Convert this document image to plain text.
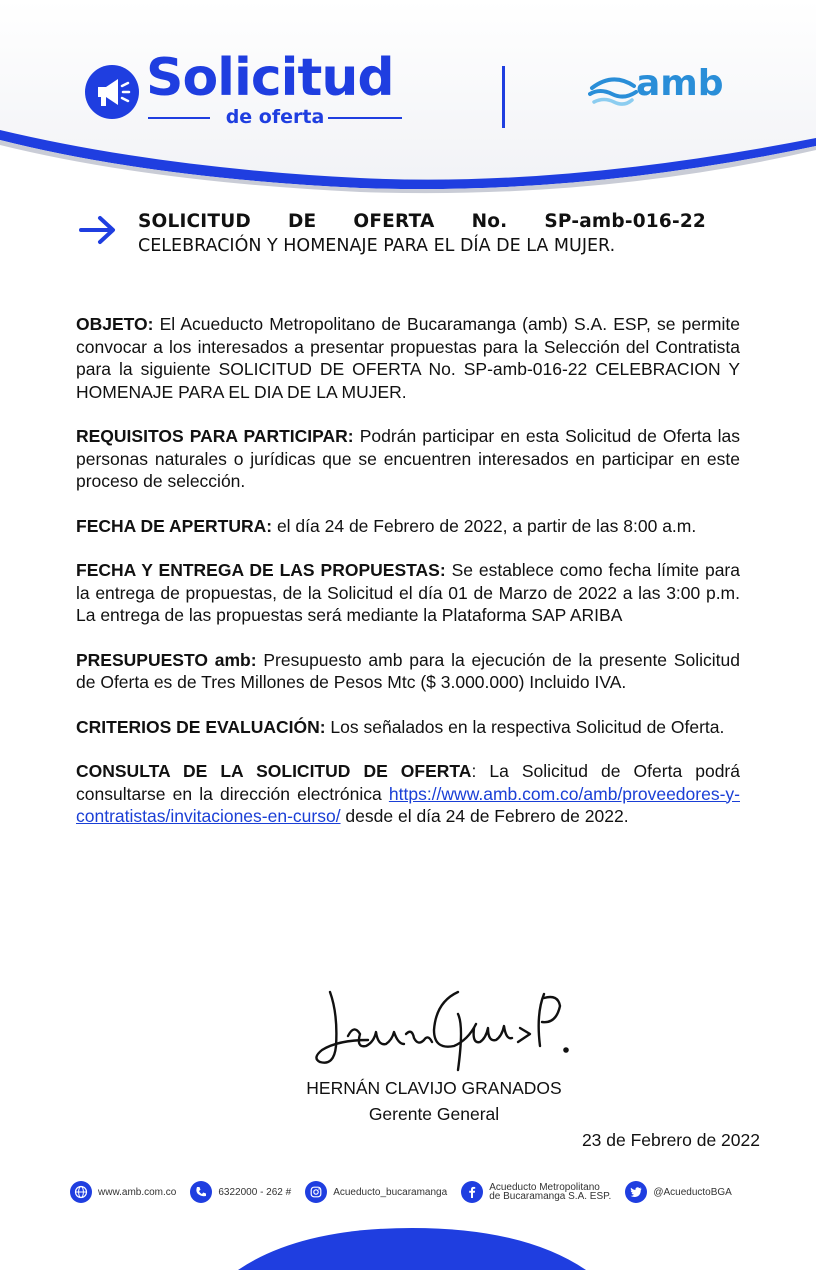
Solicitud
de oferta
amb
SOLICITUD DE OFERTA No. SP-amb-016-22
CELEBRACIÓN Y HOMENAJE PARA EL DÍA DE LA MUJER.

OBJETO: El Acueducto Metropolitano de Bucaramanga (amb) S.A. ESP, se permite convocar a los interesados a presentar propuestas para la Selección del Contratista para la siguiente SOLICITUD DE OFERTA No. SP-amb-016-22 CELEBRACION Y HOMENAJE PARA EL DIA DE LA MUJER.

REQUISITOS PARA PARTICIPAR: Podrán participar en esta Solicitud de Oferta las personas naturales o jurídicas que se encuentren interesados en participar en este proceso de selección.

FECHA DE APERTURA: el día 24 de Febrero de 2022, a partir de las 8:00 a.m.

FECHA Y ENTREGA DE LAS PROPUESTAS: Se establece como fecha límite para la entrega de propuestas, de la Solicitud el día 01 de Marzo de 2022 a las 3:00 p.m. La entrega de las propuestas será mediante la Plataforma SAP ARIBA

PRESUPUESTO amb: Presupuesto amb para la ejecución de la presente Solicitud de Oferta es de Tres Millones de Pesos Mtc ($ 3.000.000) Incluido IVA.

CRITERIOS DE EVALUACIÓN: Los señalados en la respectiva Solicitud de Oferta.

CONSULTA DE LA SOLICITUD DE OFERTA: La Solicitud de Oferta podrá consultarse en la dirección electrónica https://www.amb.com.co/amb/proveedores-y-contratistas/invitaciones-en-curso/ desde el día 24 de Febrero de 2022.

HERNÁN CLAVIJO GRANADOS
Gerente General
23 de Febrero de 2022
www.amb.com.co	6322000 - 262 #	Acueducto_bucaramanga	Acueducto Metropolitano
de Bucaramanga S.A. ESP.	@AcueductoBGA
